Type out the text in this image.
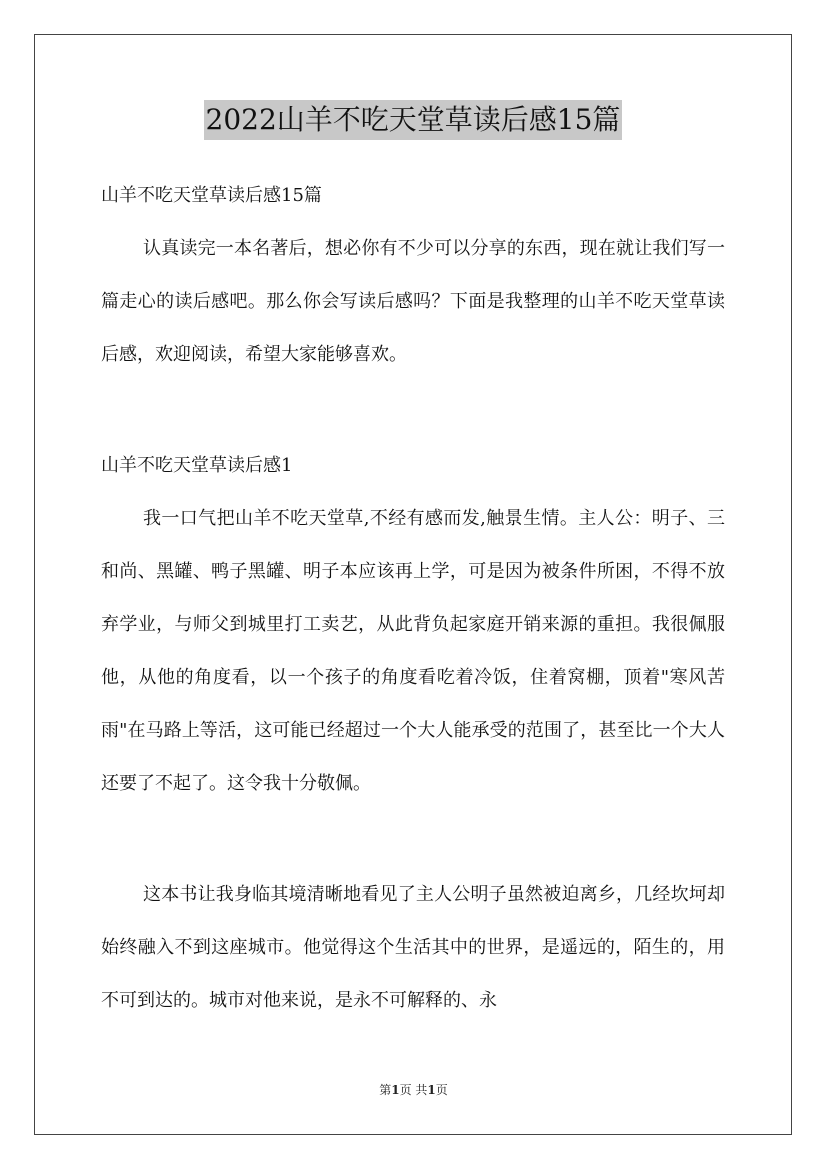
2022山羊不吃天堂草读后感15篇

山羊不吃天堂草读后感15篇

认真读完一本名著后，想必你有不少可以分享的东西，现在就让我们写一篇走心的读后感吧。那么你会写读后感吗？下面是我整理的山羊不吃天堂草读后感，欢迎阅读，希望大家能够喜欢。

山羊不吃天堂草读后感1

我一口气把山羊不吃天堂草,不经有感而发,触景生情。主人公：明子、三和尚、黑罐、鸭子黑罐、明子本应该再上学，可是因为被条件所困，不得不放弃学业，与师父到城里打工卖艺，从此背负起家庭开销来源的重担。我很佩服他，从他的角度看，以一个孩子的角度看吃着冷饭，住着窝棚，顶着"寒风苦雨"在马路上等活，这可能已经超过一个大人能承受的范围了，甚至比一个大人还要了不起了。这令我十分敬佩。

这本书让我身临其境清晰地看见了主人公明子虽然被迫离乡，几经坎坷却始终融入不到这座城市。他觉得这个生活其中的世界，是遥远的，陌生的，用不可到达的。城市对他来说，是永不可解释的、永

第1页 共1页
